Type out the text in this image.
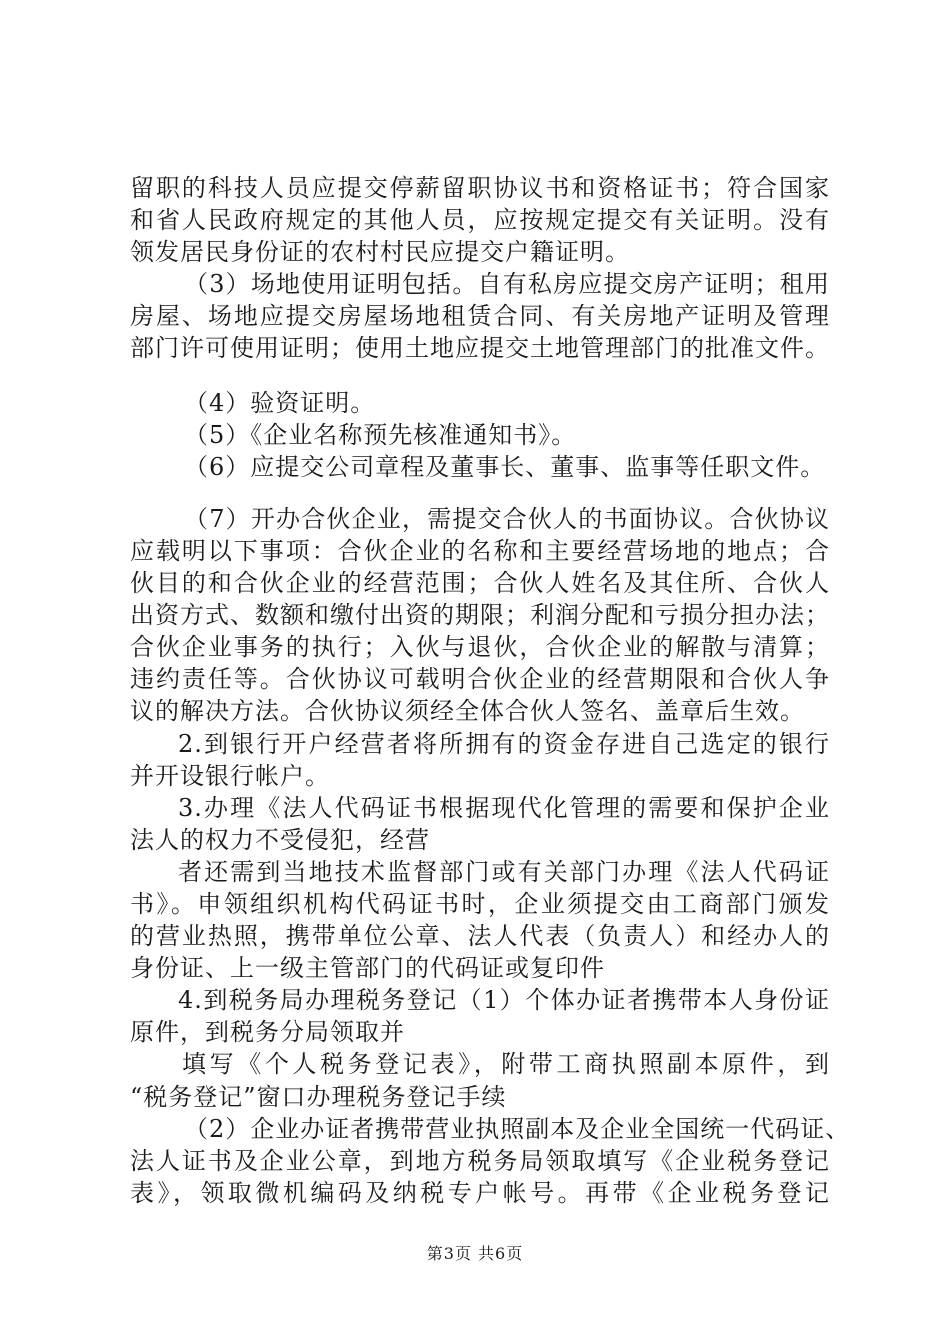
留职的科技人员应提交停薪留职协议书和资格证书；符合国家
和省人民政府规定的其他人员，应按规定提交有关证明。没有
领发居民身份证的农村村民应提交户籍证明。
（3）场地使用证明包括。自有私房应提交房产证明；租用
房屋、场地应提交房屋场地租赁合同、有关房地产证明及管理
部门许可使用证明；使用土地应提交土地管理部门的批准文件。
（4）验资证明。
（5）《企业名称预先核准通知书》。
（6）应提交公司章程及董事长、董事、监事等任职文件。
（7）开办合伙企业，需提交合伙人的书面协议。合伙协议
应载明以下事项：合伙企业的名称和主要经营场地的地点；合
伙目的和合伙企业的经营范围；合伙人姓名及其住所、合伙人
出资方式、数额和缴付出资的期限；利润分配和亏损分担办法；
合伙企业事务的执行；入伙与退伙，合伙企业的解散与清算；
违约责任等。合伙协议可载明合伙企业的经营期限和合伙人争
议的解决方法。合伙协议须经全体合伙人签名、盖章后生效。
2.到银行开户经营者将所拥有的资金存进自己选定的银行
并开设银行帐户。
3.办理《法人代码证书根据现代化管理的需要和保护企业
法人的权力不受侵犯，经营
者还需到当地技术监督部门或有关部门办理《法人代码证
书》。申领组织机构代码证书时，企业须提交由工商部门颁发
的营业热照，携带单位公章、法人代表（负责人）和经办人的
身份证、上一级主管部门的代码证或复印件
4.到税务局办理税务登记（1）个体办证者携带本人身份证
原件，到税务分局领取并
填写《个人税务登记表》，附带工商执照副本原件，到
“税务登记”窗口办理税务登记手续
（2）企业办证者携带营业执照副本及企业全国统一代码证、
法人证书及企业公章，到地方税务局领取填写《企业税务登记
表》，领取微机编码及纳税专户帐号。再带《企业税务登记
第3页 共6页
